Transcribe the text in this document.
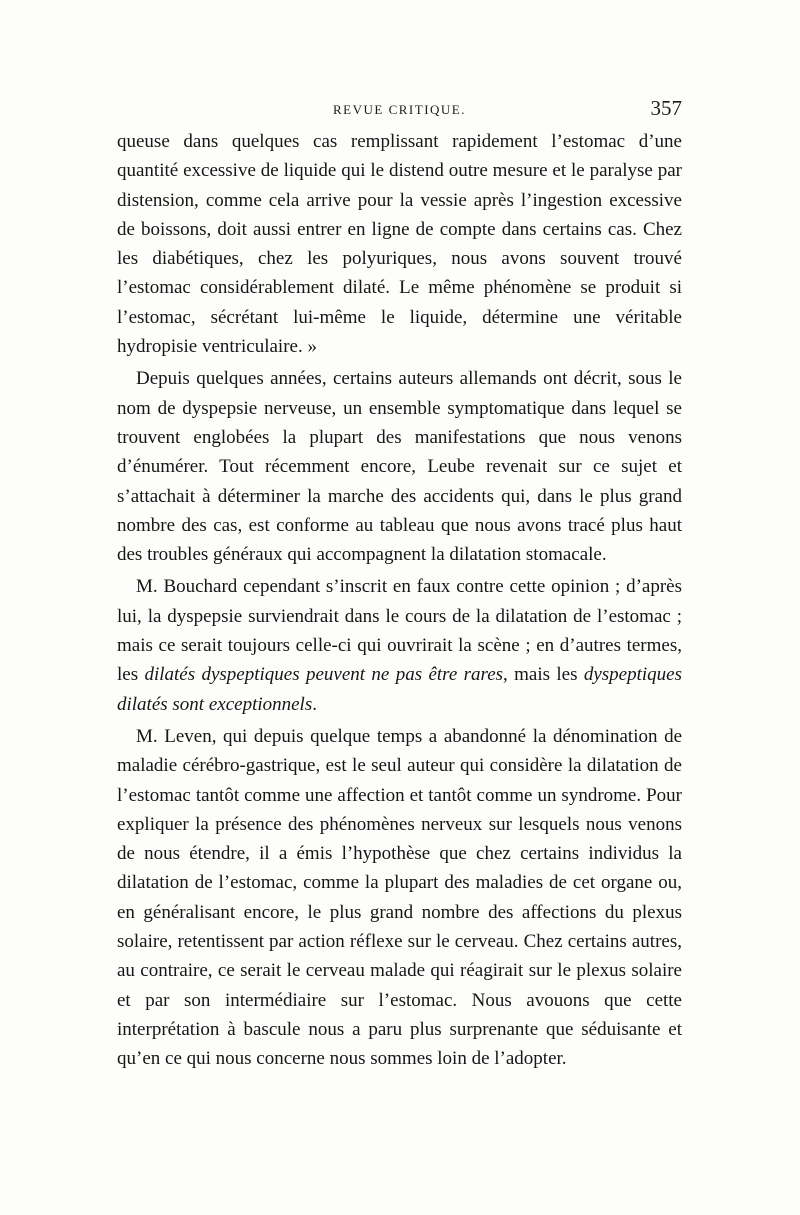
REVUE CRITIQUE.	357

queuse dans quelques cas remplissant rapidement l’estomac d’une quantité excessive de liquide qui le distend outre mesure et le paralyse par distension, comme cela arrive pour la vessie après l’ingestion excessive de boissons, doit aussi entrer en ligne de compte dans certains cas. Chez les diabétiques, chez les polyuriques, nous avons souvent trouvé l’estomac considérablement dilaté. Le même phénomène se produit si l’estomac, sécrétant lui-même le liquide, détermine une véritable hydropisie ventriculaire. »

Depuis quelques années, certains auteurs allemands ont décrit, sous le nom de dyspepsie nerveuse, un ensemble symptomatique dans lequel se trouvent englobées la plupart des manifestations que nous venons d’énumérer. Tout récemment encore, Leube revenait sur ce sujet et s’attachait à déterminer la marche des accidents qui, dans le plus grand nombre des cas, est conforme au tableau que nous avons tracé plus haut des troubles généraux qui accompagnent la dilatation stomacale.

M. Bouchard cependant s’inscrit en faux contre cette opinion ; d’après lui, la dyspepsie surviendrait dans le cours de la dilatation de l’estomac ; mais ce serait toujours celle-ci qui ouvrirait la scène ; en d’autres termes, les dilatés dyspeptiques peuvent ne pas être rares, mais les dyspeptiques dilatés sont exceptionnels.

M. Leven, qui depuis quelque temps a abandonné la dénomination de maladie cérébro-gastrique, est le seul auteur qui considère la dilatation de l’estomac tantôt comme une affection et tantôt comme un syndrome. Pour expliquer la présence des phénomènes nerveux sur lesquels nous venons de nous étendre, il a émis l’hypothèse que chez certains individus la dilatation de l’estomac, comme la plupart des maladies de cet organe ou, en généralisant encore, le plus grand nombre des affections du plexus solaire, retentissent par action réflexe sur le cerveau. Chez certains autres, au contraire, ce serait le cerveau malade qui réagirait sur le plexus solaire et par son intermédiaire sur l’estomac. Nous avouons que cette interprétation à bascule nous a paru plus surprenante que séduisante et qu’en ce qui nous concerne nous sommes loin de l’adopter.
